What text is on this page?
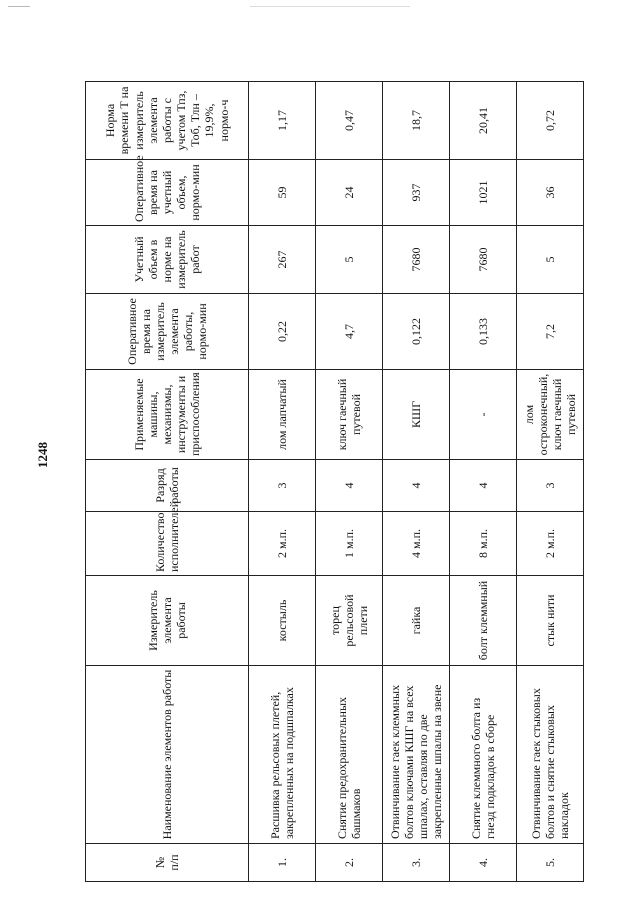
1248
№
п/п	Наименование элементов работы	Измеритель элемента работы	Количество исполнителей	Разряд работы	Применяемые машины, механизмы, инструменты и приспособления	Оперативное время на измеритель элемента работы, нормо-мин	Учетный объем в норме на измеритель работ	Оперативное время на учетный объем, нормо-мин	Норма времени Т на измеритель элемента работы с учетом Тпз, Тоб, Тлн – 19,9%, нормо-ч
1.	Расшивка рельсовых плетей, закрепленных на подшпалках	костыль	2 м.п.	3	лом лапчатый	0,22	267	59	1,17
2.	Снятие предохранительных башмаков	торец рельсовой плети	1 м.п.	4	ключ гаечный путевой	4,7	5	24	0,47
3.	Отвинчивание гаек клеммных болтов ключами КШГ на всех шпалах, оставляя по две закрепленные шпалы на звене	гайка	4 м.п.	4	КШГ	0,122	7680	937	18,7
4.	Снятие клеммного болта из гнезд подкладок в сборе	болт клеммный	8 м.п.	4	-	0,133	7680	1021	20,41
5.	Отвинчивание гаек стыковых болтов и снятие стыковых накладок	стык нити	2 м.п.	3	лом остроконечный, ключ гаечный путевой	7,2	5	36	0,72
